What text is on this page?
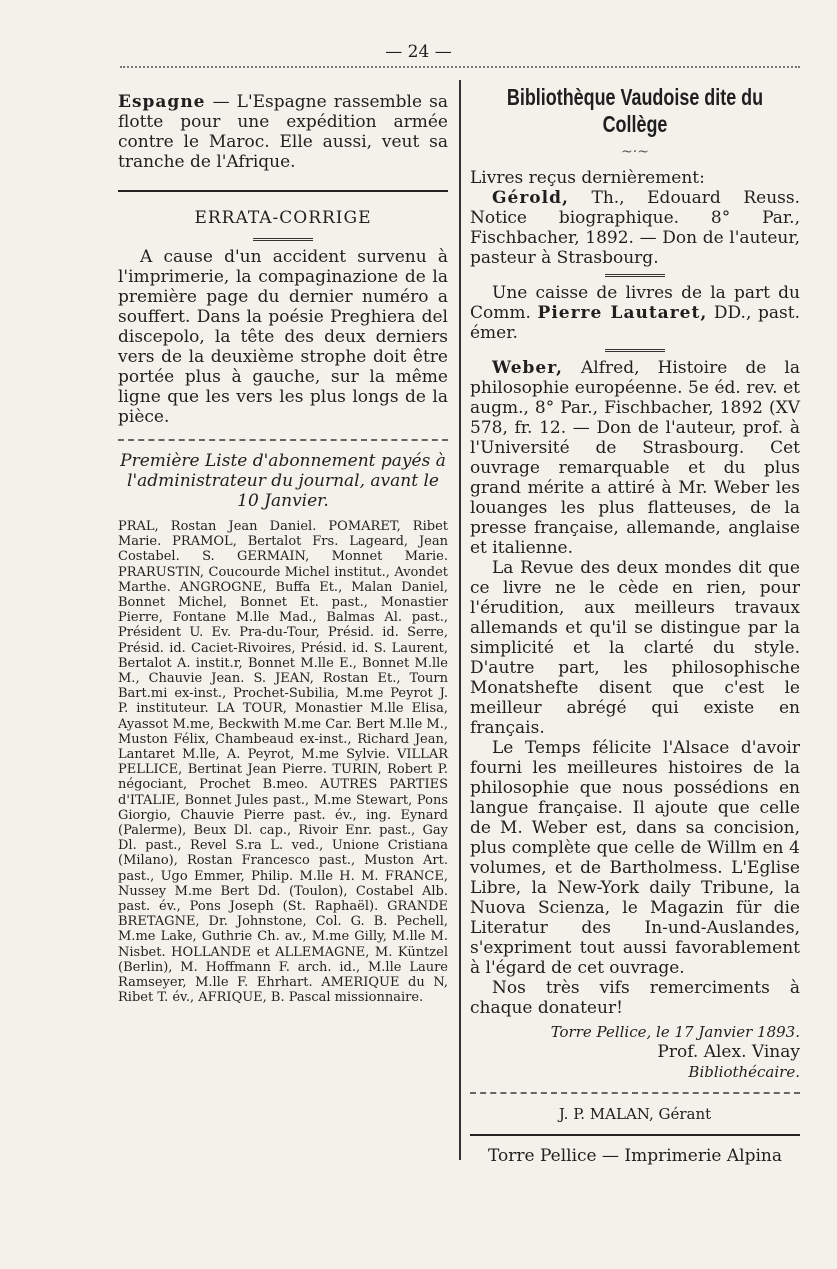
— 24 —

Espagne — L'Espagne rassemble sa flotte pour une expédition armée contre le Maroc. Elle aussi, veut sa tranche de l'Afrique.

ERRATA-CORRIGE

A cause d'un accident survenu à l'imprimerie, la compaginazione de la première page du dernier numéro a souffert. Dans la poésie Preghiera del discepolo, la tête des deux derniers vers de la deuxième strophe doit être portée plus à gauche, sur la même ligne que les vers les plus longs de la pièce.

Première Liste d'abonnement payés à l'administrateur du journal, avant le 10 Janvier.

PRAL, Rostan Jean Daniel. POMARET, Ribet Marie. PRAMOL, Bertalot Frs. Lageard, Jean Costabel. S. GERMAIN, Monnet Marie. PRARUSTIN, Coucourde Michel institut., Avondet Marthe. ANGROGNE, Buffa Et., Malan Daniel, Bonnet Michel, Bonnet Et. past., Monastier Pierre, Fontane M.lle Mad., Balmas Al. past., Président U. Ev. Pra-du-Tour, Présid. id. Serre, Présid. id. Caciet-Rivoires, Présid. id. S. Laurent, Bertalot A. instit.r, Bonnet M.lle E., Bonnet M.lle M., Chauvie Jean. S. JEAN, Rostan Et., Tourn Bart.mi ex-inst., Prochet-Subilia, M.me Peyrot J. P. instituteur. LA TOUR, Monastier M.lle Elisa, Ayassot M.me, Beckwith M.me Car. Bert M.lle M., Muston Félix, Chambeaud ex-inst., Richard Jean, Lantaret M.lle, A. Peyrot, M.me Sylvie. VILLAR PELLICE, Bertinat Jean Pierre. TURIN, Robert P. négociant, Prochet B.meo. AUTRES PARTIES d'ITALIE, Bonnet Jules past., M.me Stewart, Pons Giorgio, Chauvie Pierre past. év., ing. Eynard (Palerme), Beux Dl. cap., Rivoir Enr. past., Gay Dl. past., Revel S.ra L. ved., Unione Cristiana (Milano), Rostan Francesco past., Muston Art. past., Ugo Emmer, Philip. M.lle H. M. FRANCE, Nussey M.me Bert Dd. (Toulon), Costabel Alb. past. év., Pons Joseph (St. Raphaël). GRANDE BRETAGNE, Dr. Johnstone, Col. G. B. Pechell, M.me Lake, Guthrie Ch. av., M.me Gilly, M.lle M. Nisbet. HOLLANDE et ALLEMAGNE, M. Küntzel (Berlin), M. Hoffmann F. arch. id., M.lle Laure Ramseyer, M.lle F. Ehrhart. AMERIQUE du N, Ribet T. év., AFRIQUE, B. Pascal missionnaire.

Bibliothèque Vaudoise dite du Collège
~·~

Livres reçus dernièrement:

Gérold, Th., Edouard Reuss. Notice biographique. 8° Par., Fischbacher, 1892. — Don de l'auteur, pasteur à Strasbourg.

Une caisse de livres de la part du Comm. Pierre Lautaret, DD., past. émer.

Weber, Alfred, Histoire de la philosophie européenne. 5e éd. rev. et augm., 8° Par., Fischbacher, 1892 (XV 578, fr. 12. — Don de l'auteur, prof. à l'Université de Strasbourg. Cet ouvrage remarquable et du plus grand mérite a attiré à Mr. Weber les louanges les plus flatteuses, de la presse française, allemande, anglaise et italienne.

La Revue des deux mondes dit que ce livre ne le cède en rien, pour l'érudition, aux meilleurs travaux allemands et qu'il se distingue par la simplicité et la clarté du style. D'autre part, les philosophische Monatshefte disent que c'est le meilleur abrégé qui existe en français.

Le Temps félicite l'Alsace d'avoir fourni les meilleures histoires de la philosophie que nous possédions en langue française. Il ajoute que celle de M. Weber est, dans sa concision, plus complète que celle de Willm en 4 volumes, et de Bartholmess. L'Eglise Libre, la New-York daily Tribune, la Nuova Scienza, le Magazin für die Literatur des In-und-Auslandes, s'expriment tout aussi favorablement à l'égard de cet ouvrage.

Nos très vifs remerciments à chaque donateur!

Torre Pellice, le 17 Janvier 1893.

Prof. Alex. Vinay

Bibliothécaire.

J. P. MALAN, Gérant

Torre Pellice — Imprimerie Alpina
